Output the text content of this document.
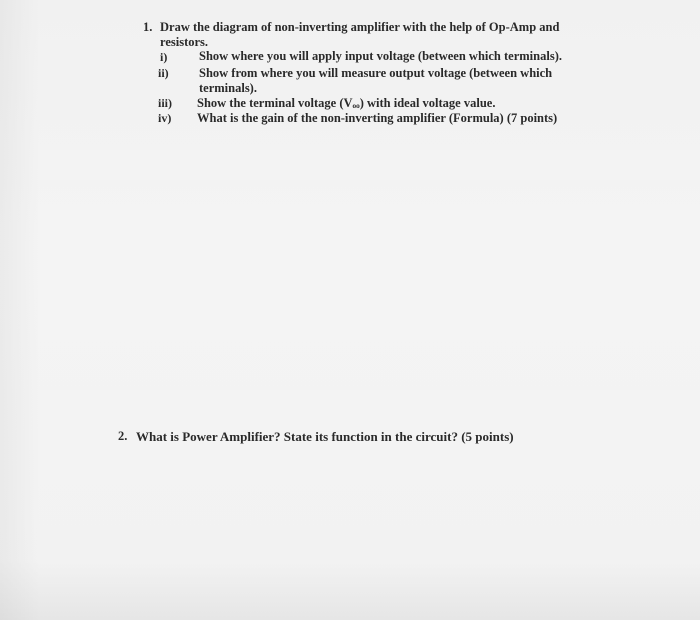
1. Draw the diagram of non-inverting amplifier with the help of Op-Amp and
resistors.
i)	Show where you will apply input voltage (between which terminals).
ii) Show from where you will measure output voltage (between which
terminals).
iii) Show the terminal voltage (Vₒₒ) with ideal voltage value.
iv) What is the gain of the non-inverting amplifier (Formula) (7 points)
2. What is Power Amplifier? State its function in the circuit? (5 points)
